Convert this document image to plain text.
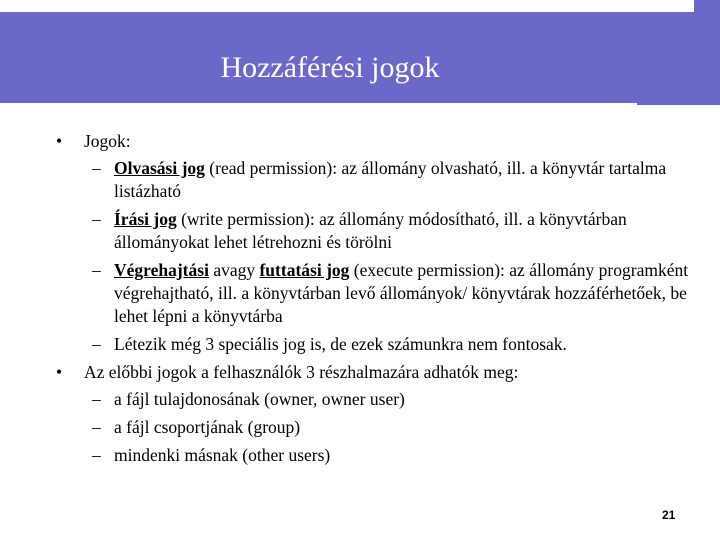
Hozzáférési jogok
• Jogok:
– Olvasási jog (read permission): az állomány olvasható, ill. a könyvtár tartalma listázható
– Írási jog (write permission): az állomány módosítható, ill. a könyvtárban állományokat lehet létrehozni és törölni
– Végrehajtási avagy futtatási jog (execute permission): az állomány programként végrehajtható, ill. a könyvtárban levő állományok/ könyvtárak hozzáférhetőek, be lehet lépni a könyvtárba
– Létezik még 3 speciális jog is, de ezek számunkra nem fontosak.
• Az előbbi jogok a felhasználók 3 részhalmazára adhatók meg:
– a fájl tulajdonosának (owner, owner user)
– a fájl csoportjának (group)
– mindenki másnak (other users)
21
